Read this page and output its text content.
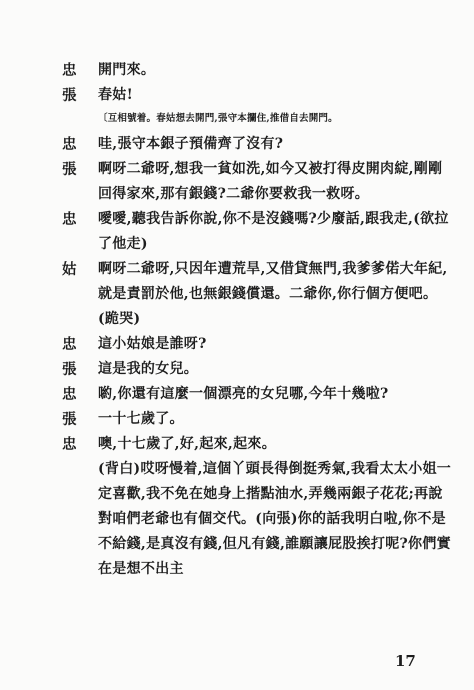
忠	開門來。
張	春姑!
〔互相號着。春姑想去開門,張守本攔住,推借自去開門。
忠	哇,張守本銀子預備齊了沒有?
張	啊呀二爺呀,想我一貧如洗,如今又被打得皮開肉綻,剛剛回得家來,那有銀錢?二爺你要救我一救呀。
忠	噯噯,聽我告訴你說,你不是沒錢嗎?少廢話,跟我走,(欲拉了他走)
姑	啊呀二爺呀,只因年遭荒旱,又借貸無門,我爹爹偌大年紀,就是責罰於他,也無銀錢償還。二爺你,你行個方便吧。(跪哭)
忠	這小姑娘是誰呀?
張	這是我的女兒。
忠	喲,你還有這麼一個漂亮的女兒哪,今年十幾啦?
張	一十七歲了。
忠	噢,十七歲了,好,起來,起來。
(背白)哎呀慢着,這個丫頭長得倒挺秀氣,我看太太小姐一定喜歡,我不免在她身上揩點油水,弄幾兩銀子花花;再說對咱們老爺也有個交代。(向張)你的話我明白啦,你不是不給錢,是真沒有錢,但凡有錢,誰願讓屁股挨打呢?你們實在是想不出主
17
